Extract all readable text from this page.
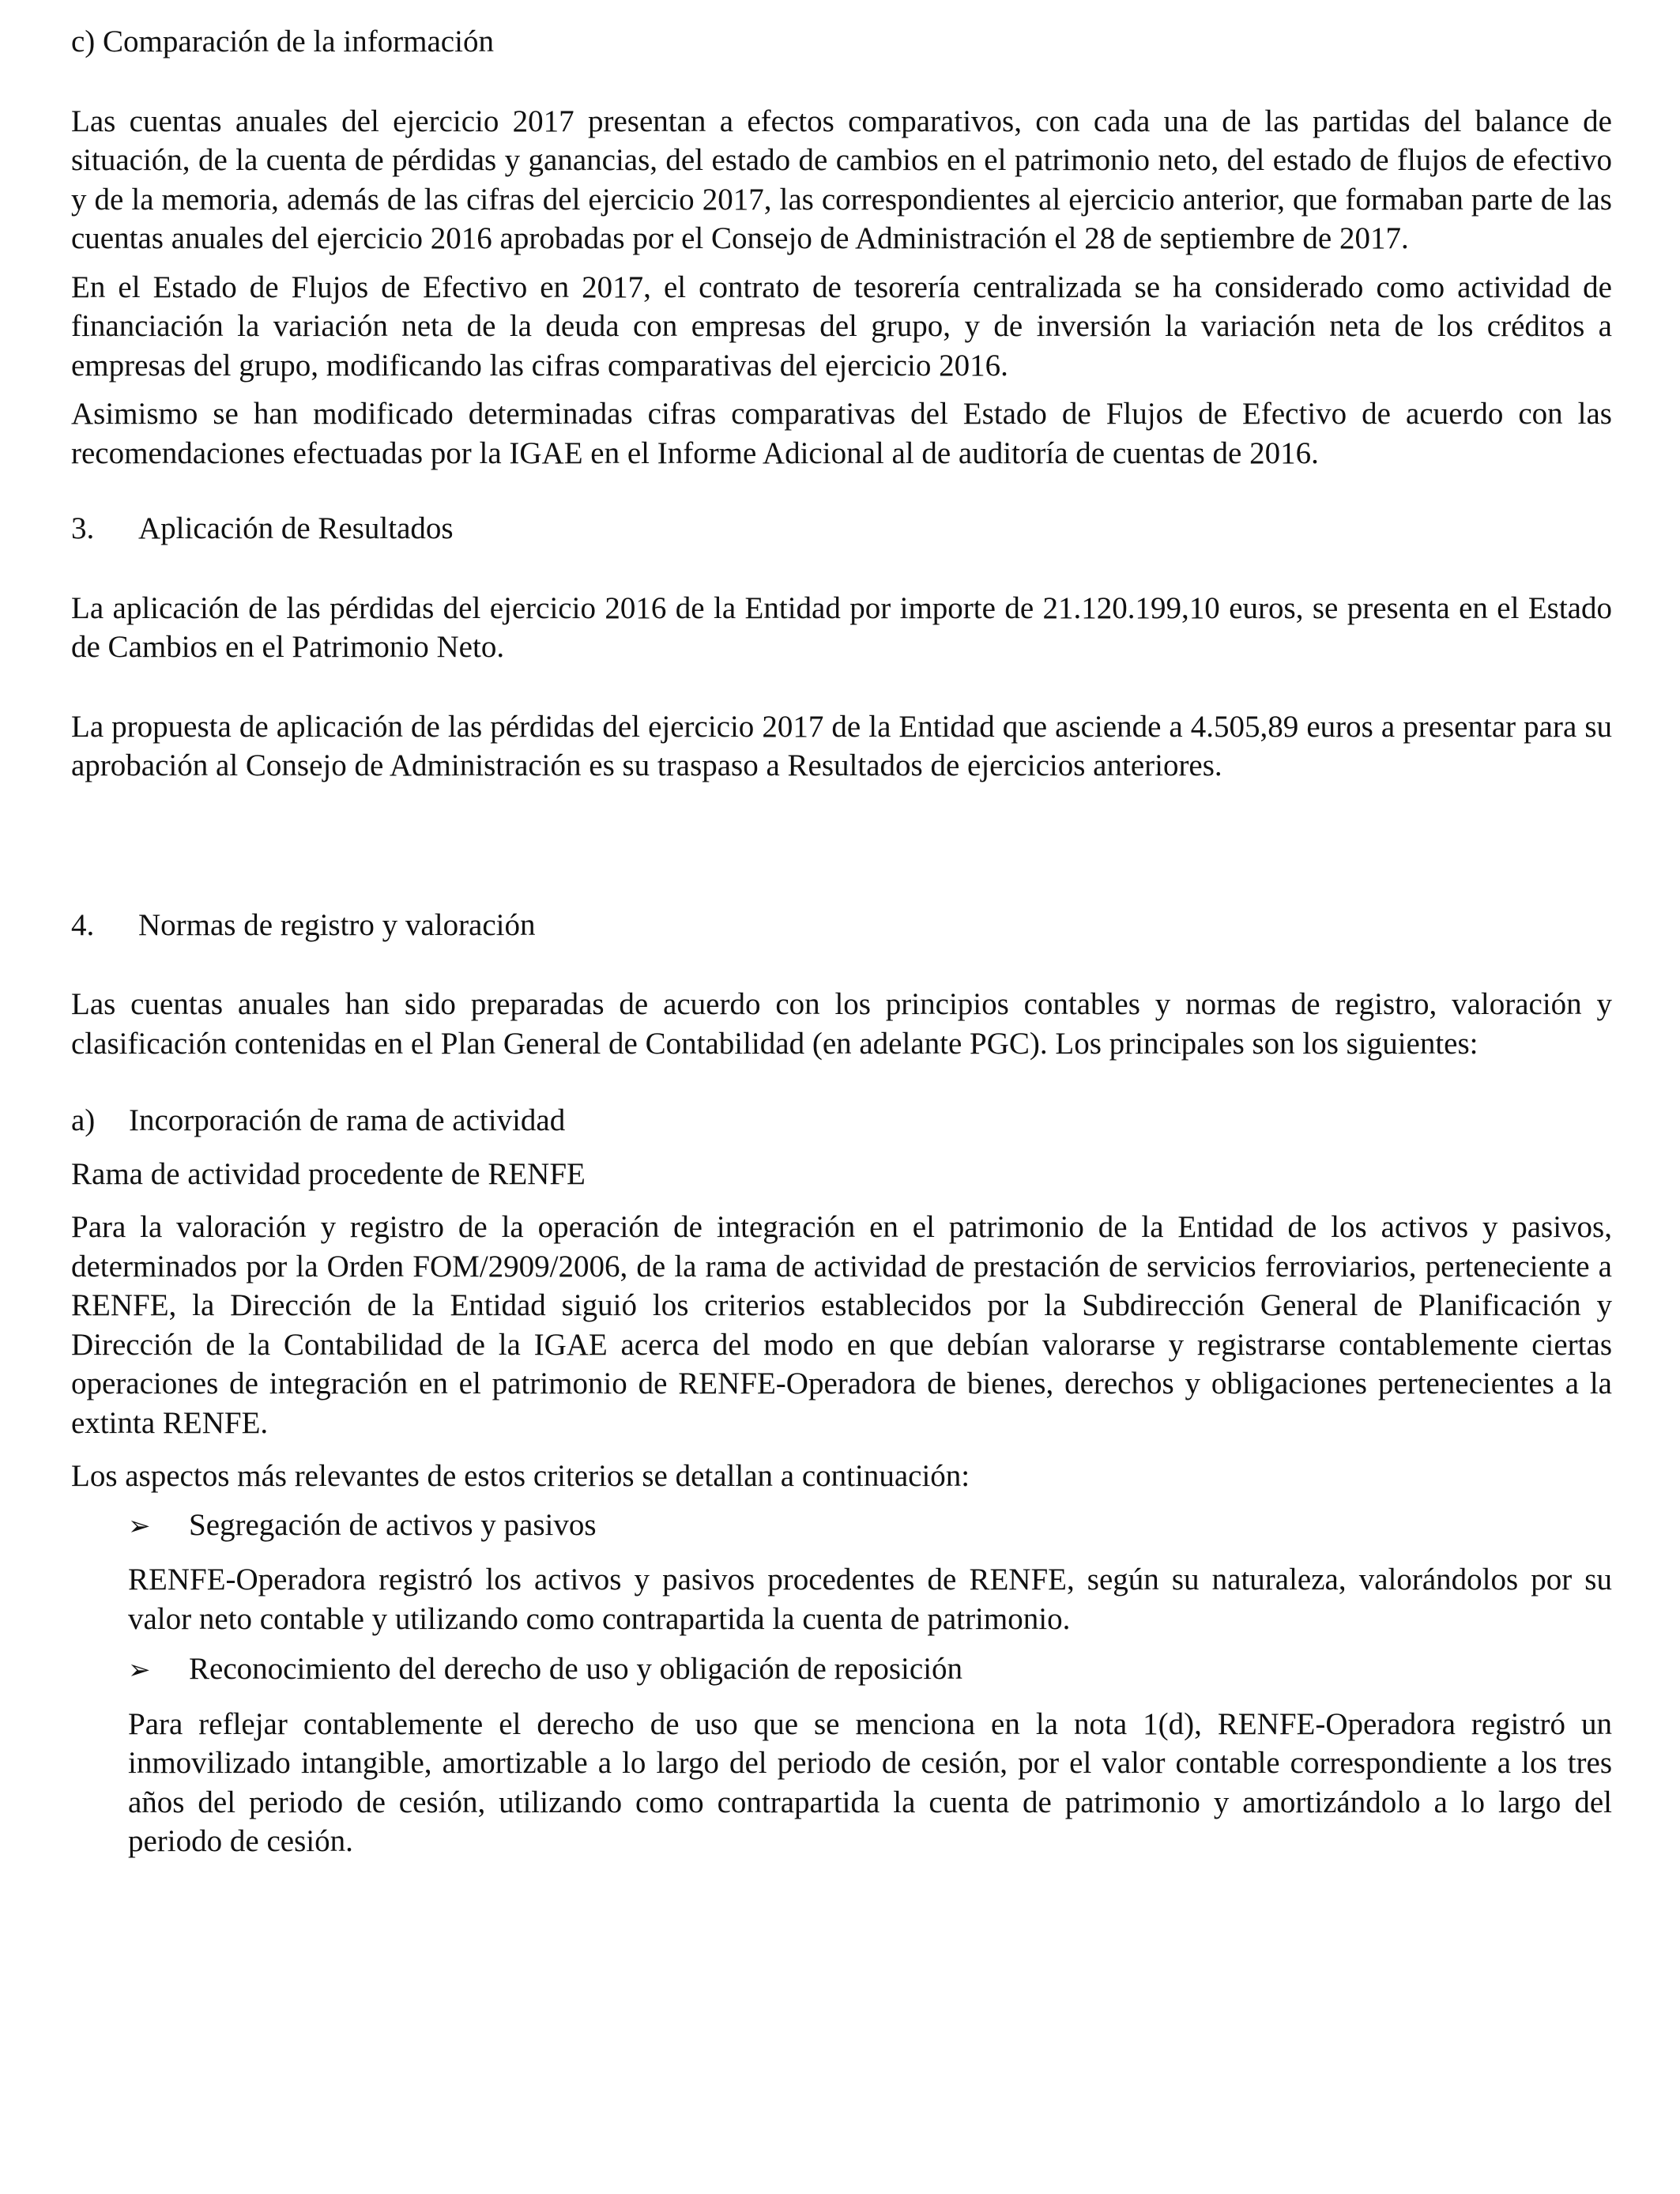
c) Comparación de la información

Las cuentas anuales del ejercicio 2017 presentan a efectos comparativos, con cada una de las partidas del balance de situación, de la cuenta de pérdidas y ganancias, del estado de cambios en el patrimonio neto, del estado de flujos de efectivo y de la memoria, además de las cifras del ejercicio 2017, las correspondientes al ejercicio anterior, que formaban parte de las cuentas anuales del ejercicio 2016 aprobadas por el Consejo de Administración el 28 de septiembre de 2017.

En el Estado de Flujos de Efectivo en 2017, el contrato de tesorería centralizada se ha considerado como actividad de financiación la variación neta de la deuda con empresas del grupo, y de inversión la variación neta de los créditos a empresas del grupo, modificando las cifras comparativas del ejercicio 2016.

Asimismo se han modificado determinadas cifras comparativas del Estado de Flujos de Efectivo de acuerdo con las recomendaciones efectuadas por la IGAE en el Informe Adicional al de auditoría de cuentas de 2016.

3.	Aplicación de Resultados

La aplicación de las pérdidas del ejercicio 2016 de la Entidad por importe de 21.120.199,10 euros, se presenta en el Estado de Cambios en el Patrimonio Neto.

La propuesta de aplicación de las pérdidas del ejercicio 2017 de la Entidad que asciende a 4.505,89 euros a presentar para su aprobación al Consejo de Administración es su traspaso a Resultados de ejercicios anteriores.

4.	Normas de registro y valoración

Las cuentas anuales han sido preparadas de acuerdo con los principios contables y normas de registro, valoración y clasificación contenidas en el Plan General de Contabilidad (en adelante PGC). Los principales son los siguientes:

a)	Incorporación de rama de actividad

Rama de actividad procedente de RENFE

Para la valoración y registro de la operación de integración en el patrimonio de la Entidad de los activos y pasivos, determinados por la Orden FOM/2909/2006, de la rama de actividad de prestación de servicios ferroviarios, perteneciente a RENFE, la Dirección de la Entidad siguió los criterios establecidos por la Subdirección General de Planificación y Dirección de la Contabilidad de la IGAE acerca del modo en que debían valorarse y registrarse contablemente ciertas operaciones de integración en el patrimonio de RENFE-Operadora de bienes, derechos y obligaciones pertenecientes a la extinta RENFE.

Los aspectos más relevantes de estos criterios se detallan a continuación:

➢	Segregación de activos y pasivos

RENFE-Operadora registró los activos y pasivos procedentes de RENFE, según su naturaleza, valorándolos por su valor neto contable y utilizando como contrapartida la cuenta de patrimonio.

➢	Reconocimiento del derecho de uso y obligación de reposición

Para reflejar contablemente el derecho de uso que se menciona en la nota 1(d), RENFE-Operadora registró un inmovilizado intangible, amortizable a lo largo del periodo de cesión, por el valor contable correspondiente a los tres años del periodo de cesión, utilizando como contrapartida la cuenta de patrimonio y amortizándolo a lo largo del periodo de cesión.
